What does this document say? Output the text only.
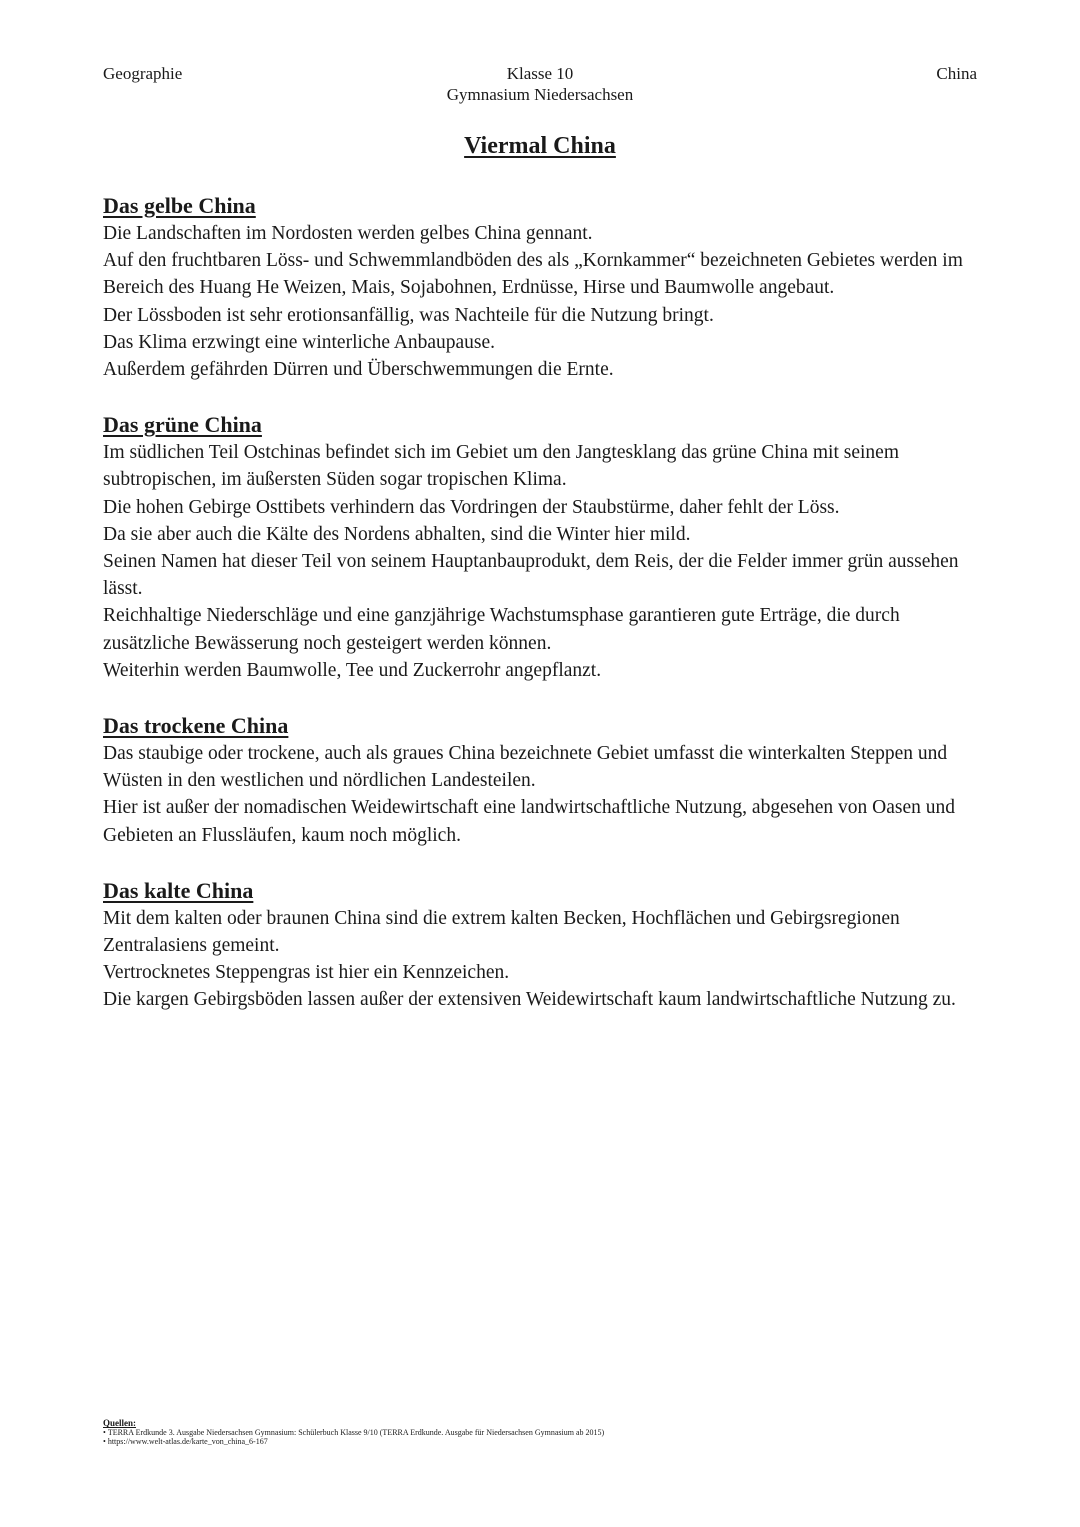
Geographie	Klasse 10
Gymnasium Niedersachsen
China
Viermal China
Das gelbe China

Die Landschaften im Nordosten werden gelbes China gennant.

Auf den fruchtbaren Löss- und Schwemmlandböden des als „Kornkammer“ bezeichneten Gebietes werden im Bereich des Huang He Weizen, Mais, Sojabohnen, Erdnüsse, Hirse und Baumwolle angebaut.

Der Lössboden ist sehr erotionsanfällig, was Nachteile für die Nutzung bringt.

Das Klima erzwingt eine winterliche Anbaupause.

Außerdem gefährden Dürren und Überschwemmungen die Ernte.

Das grüne China

Im südlichen Teil Ostchinas befindet sich im Gebiet um den Jangtesklang das grüne China mit seinem subtropischen, im äußersten Süden sogar tropischen Klima.

Die hohen Gebirge Osttibets verhindern das Vordringen der Staubstürme, daher fehlt der Löss.

Da sie aber auch die Kälte des Nordens abhalten, sind die Winter hier mild.

Seinen Namen hat dieser Teil von seinem Hauptanbauprodukt, dem Reis, der die Felder immer grün aussehen lässt.

Reichhaltige Niederschläge und eine ganzjährige Wachstumsphase garantieren gute Erträge, die durch zusätzliche Bewässerung noch gesteigert werden können.

Weiterhin werden Baumwolle, Tee und Zuckerrohr angepflanzt.

Das trockene China

Das staubige oder trockene, auch als graues China bezeichnete Gebiet umfasst die winterkalten Steppen und Wüsten in den westlichen und nördlichen Landesteilen.

Hier ist außer der nomadischen Weidewirtschaft eine landwirtschaftliche Nutzung, abgesehen von Oasen und Gebieten an Flussläufen, kaum noch möglich.

Das kalte China

Mit dem kalten oder braunen China sind die extrem kalten Becken, Hochflächen und Gebirgsregionen Zentralasiens gemeint.

Vertrocknetes Steppengras ist hier ein Kennzeichen.

Die kargen Gebirgsböden lassen außer der extensiven Weidewirtschaft kaum landwirtschaftliche Nutzung zu.

Quellen:
• TERRA Erdkunde 3. Ausgabe Niedersachsen Gymnasium: Schülerbuch Klasse 9/10 (TERRA Erdkunde. Ausgabe für Niedersachsen Gymnasium ab 2015)
• https://www.welt-atlas.de/karte_von_china_6-167
